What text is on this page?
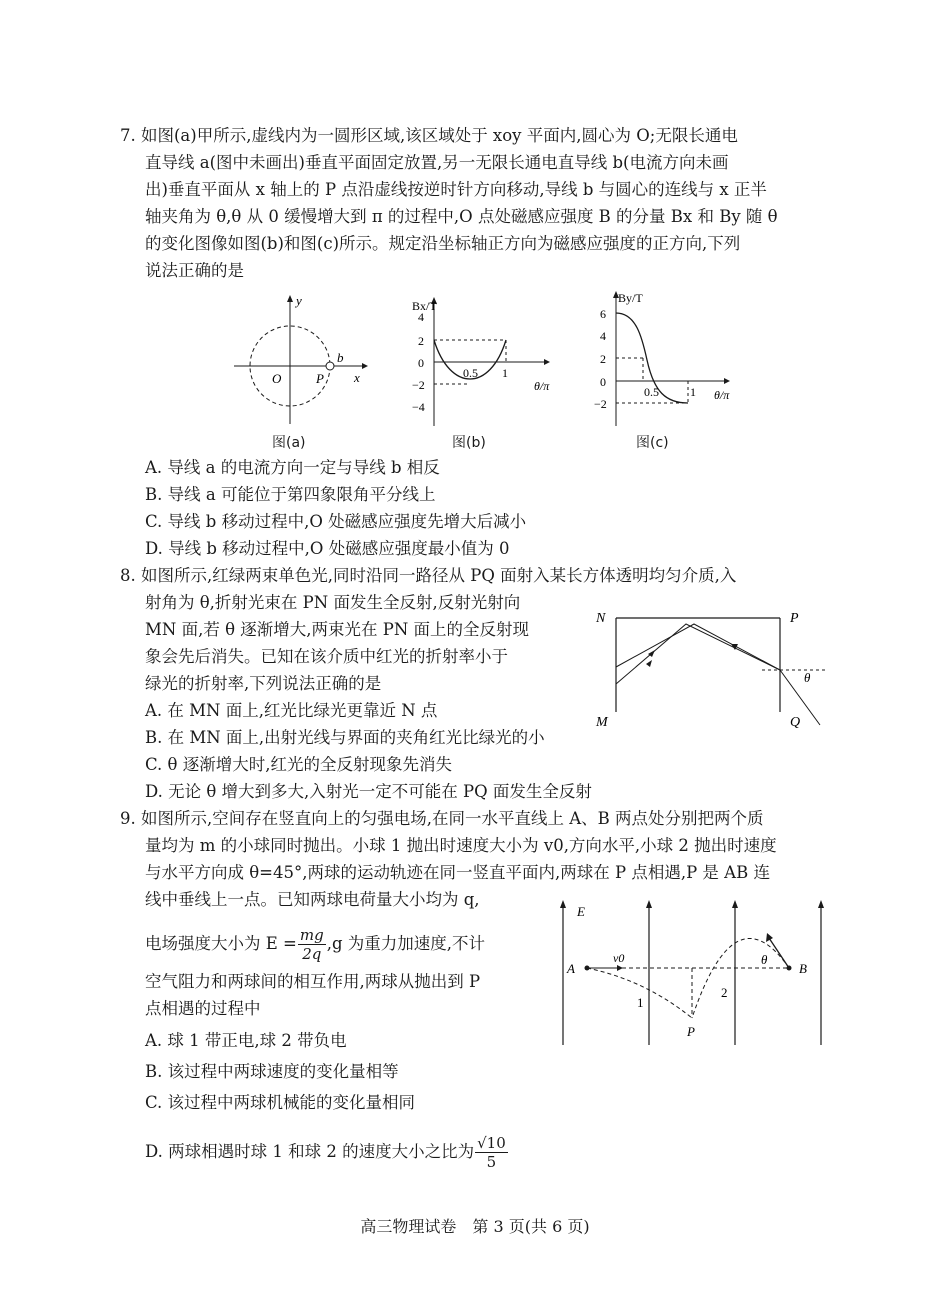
7. 如图(a)甲所示,虚线内为一圆形区域,该区域处于 xoy 平面内,圆心为 O;无限长通电
直导线 a(图中未画出)垂直平面固定放置,另一无限长通电直导线 b(电流方向未画
出)垂直平面从 x 轴上的 P 点沿虚线按逆时针方向移动,导线 b 与圆心的连线与 x 正半
轴夹角为 θ,θ 从 0 缓慢增大到 π 的过程中,O 点处磁感应强度 B 的分量 Bx 和 By 随 θ
的变化图像如图(b)和图(c)所示。规定沿坐标轴正方向为磁感应强度的正方向,下列
说法正确的是
y
x
O	P
b
图(a)
Bx/T
4
2
0
−2
−4
0.5 1
θ/π
图(b)
By/T
6
4
2
0
−2
0.5	1 θ/π
图(c)
A. 导线 a 的电流方向一定与导线 b 相反
B. 导线 a 可能位于第四象限角平分线上
C. 导线 b 移动过程中,O 处磁感应强度先增大后减小
D. 导线 b 移动过程中,O 处磁感应强度最小值为 0
8. 如图所示,红绿两束单色光,同时沿同一路径从 PQ 面射入某长方体透明均匀介质,入
射角为 θ,折射光束在 PN 面发生全反射,反射光射向
MN 面,若 θ 逐渐增大,两束光在 PN 面上的全反射现
象会先后消失。已知在该介质中红光的折射率小于
绿光的折射率,下列说法正确的是
N	P
M	Q
θ
A. 在 MN 面上,红光比绿光更靠近 N 点
B. 在 MN 面上,出射光线与界面的夹角红光比绿光的小
C. θ 逐渐增大时,红光的全反射现象先消失
D. 无论 θ 增大到多大,入射光一定不可能在 PQ 面发生全反射
9. 如图所示,空间存在竖直向上的匀强电场,在同一水平直线上 A、B 两点处分别把两个质
量均为 m 的小球同时抛出。小球 1 抛出时速度大小为 v0,方向水平,小球 2 抛出时速度
与水平方向成 θ=45°,两球的运动轨迹在同一竖直平面内,两球在 P 点相遇,P 是 AB 连
线中垂线上一点。已知两球电荷量大小均为 q,
电场强度大小为 $E = \frac{mg}{2q} ,g$ 为重力加速度,不计
空气阻力和两球间的相互作用,两球从抛出到 P
点相遇的过程中
E
A	B
P
v0	θ
1
2
A. 球 1 带正电,球 2 带负电
B. 该过程中两球速度的变化量相等
C. 该过程中两球机械能的变化量相同
D. 两球相遇时球 1 和球 2 的速度大小之比为 $\frac{√10}{5}$
高三物理试卷　第 3 页(共 6 页)
